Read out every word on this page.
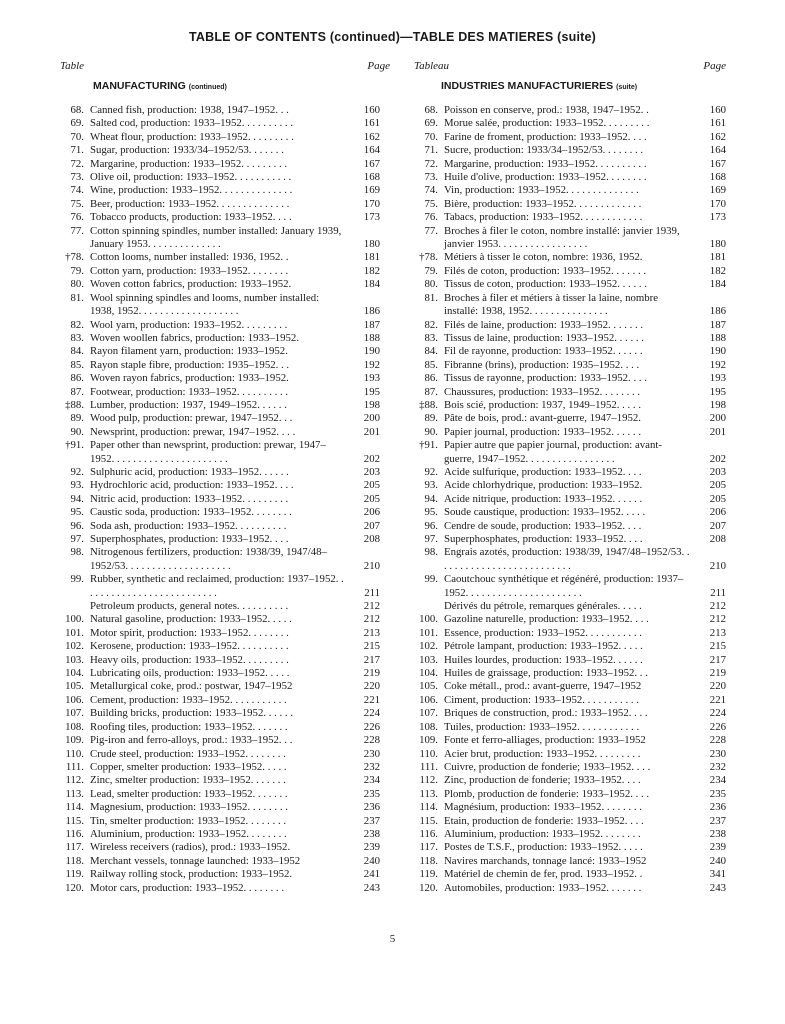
TABLE OF CONTENTS (continued)—TABLE DES MATIERES (suite)
Table	Page
MANUFACTURING (continued)
68. Canned fish, production: 1938, 1947–1952. . .	160
69. Salted cod, production: 1933–1952. . . . . . . . . .	161
70. Wheat flour, production: 1933–1952. . . . . . . . .	162
71. Sugar, production: 1933/34–1952/53. . . . . . .	164
72. Margarine, production: 1933–1952. . . . . . . . .	167
73. Olive oil, production: 1933–1952. . . . . . . . . . .	168
74. Wine, production: 1933–1952. . . . . . . . . . . . . .	169
75. Beer, production: 1933–1952. . . . . . . . . . . . . .	170
76. Tobacco products, production: 1933–1952. . . .	173
77. Cotton spinning spindles, number installed: January 1939, January 1953. . . . . . . . . . . . . .	180
†78. Cotton looms, number installed: 1936, 1952. .	181
79. Cotton yarn, production: 1933–1952. . . . . . . .	182
80. Woven cotton fabrics, production: 1933–1952.	184
81. Wool spinning spindles and looms, number installed: 1938, 1952. . . . . . . . . . . . . . . . . . .	186
82. Wool yarn, production: 1933–1952. . . . . . . . .	187
83. Woven woollen fabrics, production: 1933–1952.	188
84. Rayon filament yarn, production: 1933–1952.	190
85. Rayon staple fibre, production: 1935–1952. . .	192
86. Woven rayon fabrics, production: 1933–1952.	193
87. Footwear, production: 1933–1952. . . . . . . . . .	195
‡88. Lumber, production: 1937, 1949–1952. . . . . .	198
89. Wood pulp, production: prewar, 1947–1952. . .	200
90. Newsprint, production: prewar, 1947–1952. . . .	201
†91. Paper other than newsprint, production: prewar, 1947–1952. . . . . . . . . . . . . . . . . . . . . .	202
92. Sulphuric acid, production: 1933–1952. . . . . .	203
93. Hydrochloric acid, production: 1933–1952. . . .	205
94. Nitric acid, production: 1933–1952. . . . . . . . .	205
95. Caustic soda, production: 1933–1952. . . . . . . .	206
96. Soda ash, production: 1933–1952. . . . . . . . . .	207
97. Superphosphates, production: 1933–1952. . . .	208
98. Nitrogenous fertilizers, production: 1938/39, 1947/48–1952/53. . . . . . . . . . . . . . . . . . . .	210
99. Rubber, synthetic and reclaimed, production: 1937–1952. . . . . . . . . . . . . . . . . . . . . . . . . .	211
Petroleum products, general notes. . . . . . . . . .	212
100. Natural gasoline, production: 1933–1952. . . . .	212
101. Motor spirit, production: 1933–1952. . . . . . . .	213
102. Kerosene, production: 1933–1952. . . . . . . . . .	215
103. Heavy oils, production: 1933–1952. . . . . . . . .	217
104. Lubricating oils, production: 1933–1952. . . . .	219
105. Metallurgical coke, prod.: postwar, 1947–1952	220
106. Cement, production: 1933–1952. . . . . . . . . . .	221
107. Building bricks, production: 1933–1952. . . . . .	224
108. Roofing tiles, production: 1933–1952. . . . . . .	226
109. Pig-iron and ferro-alloys, prod.: 1933–1952. . .	228
110. Crude steel, production: 1933–1952. . . . . . . .	230
111. Copper, smelter production: 1933–1952. . . . .	232
112. Zinc, smelter production: 1933–1952. . . . . . .	234
113. Lead, smelter production: 1933–1952. . . . . . .	235
114. Magnesium, production: 1933–1952. . . . . . . .	236
115. Tin, smelter production: 1933–1952. . . . . . . .	237
116. Aluminium, production: 1933–1952. . . . . . . .	238
117. Wireless receivers (radios), prod.: 1933–1952.	239
118. Merchant vessels, tonnage launched: 1933–1952	240
119. Railway rolling stock, production: 1933–1952.	241
120. Motor cars, production: 1933–1952. . . . . . . .	243
Tableau	Page
INDUSTRIES MANUFACTURIERES (suite)
68. Poisson en conserve, prod.: 1938, 1947–1952. .	160
69. Morue salée, production: 1933–1952. . . . . . . . .	161
70. Farine de froment, production: 1933–1952. . . .	162
71. Sucre, production: 1933/34–1952/53. . . . . . . .	164
72. Margarine, production: 1933–1952. . . . . . . . . .	167
73. Huile d'olive, production: 1933–1952. . . . . . . .	168
74. Vin, production: 1933–1952. . . . . . . . . . . . . .	169
75. Bière, production: 1933–1952. . . . . . . . . . . . .	170
76. Tabacs, production: 1933–1952. . . . . . . . . . . .	173
77. Broches à filer le coton, nombre installé: janvier 1939, janvier 1953. . . . . . . . . . . . . . . . .	180
†78. Métiers à tisser le coton, nombre: 1936, 1952.	181
79. Filés de coton, production: 1933–1952. . . . . . .	182
80. Tissus de coton, production: 1933–1952. . . . . .	184
81. Broches à filer et métiers à tisser la laine, nombre installé: 1938, 1952. . . . . . . . . . . . . . .	186
82. Filés de laine, production: 1933–1952. . . . . . .	187
83. Tissus de laine, production: 1933–1952. . . . . .	188
84. Fil de rayonne, production: 1933–1952. . . . . .	190
85. Fibranne (brins), production: 1935–1952. . . .	192
86. Tissus de rayonne, production: 1933–1952. . . .	193
87. Chaussures, production: 1933–1952. . . . . . . .	195
‡88. Bois scié, production: 1937, 1949–1952. . . . .	198
89. Pâte de bois, prod.: avant-guerre, 1947–1952.	200
90. Papier journal, production: 1933–1952. . . . . .	201
†91. Papier autre que papier journal, production: avant-guerre, 1947–1952. . . . . . . . . . . . . . . . .	202
92. Acide sulfurique, production: 1933–1952. . . .	203
93. Acide chlorhydrique, production: 1933–1952.	205
94. Acide nitrique, production: 1933–1952. . . . . .	205
95. Soude caustique, production: 1933–1952. . . . .	206
96. Cendre de soude, production: 1933–1952. . . .	207
97. Superphosphates, production: 1933–1952. . . .	208
98. Engrais azotés, production: 1938/39, 1947/48–1952/53. . . . . . . . . . . . . . . . . . . . . . . . . .	210
99. Caoutchouc synthétique et régénéré, production: 1937–1952. . . . . . . . . . . . . . . . . . . . . .	211
Dérivés du pétrole, remarques générales. . . . .	212
100. Gazoline naturelle, production: 1933–1952. . . .	212
101. Essence, production: 1933–1952. . . . . . . . . . .	213
102. Pétrole lampant, production: 1933–1952. . . . .	215
103. Huiles lourdes, production: 1933–1952. . . . . .	217
104. Huiles de graissage, production: 1933–1952. . .	219
105. Coke métall., prod.: avant-guerre, 1947–1952	220
106. Ciment, production: 1933–1952. . . . . . . . . . .	221
107. Briques de construction, prod.: 1933–1952. . . .	224
108. Tuiles, production: 1933–1952. . . . . . . . . . . .	226
109. Fonte et ferro-alliages, production: 1933–1952	228
110. Acier brut, production: 1933–1952. . . . . . . . .	230
111. Cuivre, production de fonderie; 1933–1952. . . .	232
112. Zinc, production de fonderie; 1933–1952. . . .	234
113. Plomb, production de fonderie: 1933–1952. . . .	235
114. Magnésium, production: 1933–1952. . . . . . . .	236
115. Etain, production de fonderie: 1933–1952. . . .	237
116. Aluminium, production: 1933–1952. . . . . . . .	238
117. Postes de T.S.F., production: 1933–1952. . . . .	239
118. Navires marchands, tonnage lancé: 1933–1952	240
119. Matériel de chemin de fer, prod. 1933–1952. .	341
120. Automobiles, production: 1933–1952. . . . . . .	243
5
